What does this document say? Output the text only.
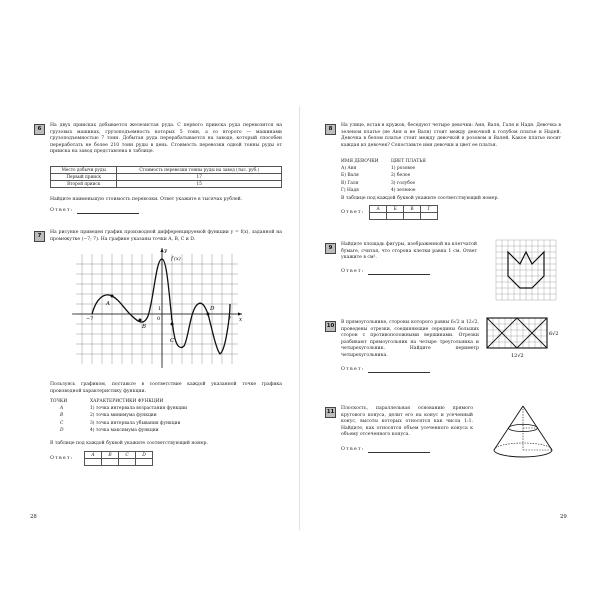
6
На двух приисках добывается железистая руда. С первого прииска руда перевозится на грузовых машинах, грузоподъемность которых 5 тонн, а со второго — машинами грузоподъемностью 7 тонн. Добытая руда перерабатывается на заводе, который способен переработать не более 210 тонн руды в день. Стоимость перевозки одной тонны руды от прииска на завод представлена в таблице.
Место добычи руды	Стоимость перевозки тонны руды на завод (тыс. руб.)
Первый прииск	17
Второй прииск	15
Найдите наименьшую стоимость перевозки. Ответ укажите в тысячах рублей.
Ответ:
7
На рисунке приведен график производной дифференцируемой функции y = f(x), заданной на промежутке (−7; 7). На графике указаны точки A, B, C и D.
y
f′(x)
x
0
−7	7
1
1
A
B
C
D
Пользуясь графиком, поставьте в соответствие каждой указанной точке графика производной характеристику функции.
ТОЧКИ
A
B
C
D
ХАРАКТЕРИСТИКИ ФУНКЦИИ
1) точка интервала возрастания функции
2) точка минимума функции
3) точка интервала убывания функции
4) точка максимума функции
В таблице под каждой буквой укажите соответствующий номер.
Ответ:
A	B	C	D

28
8
На улице, встав в кружок, беседуют четыре девочки: Аня, Валя, Галя и Надя. Девочка в зеленом платье (не Аня и не Валя) стоит между девочкой в голубом платье и Надей. Девочка в белом платье стоит между девочкой в розовом и Валей. Какое платье носит каждая из девочек? Сопоставьте имя девочки и цвет ее платья.
ИМЯ ДЕВОЧКИ
А) Аня
Б) Валя
В) Галя
Г) Надя
ЦВЕТ ПЛАТЬЯ
1) розовое
2) белое
3) голубое
4) зеленое
В таблице под каждой буквой укажите соответствующий номер.
Ответ:
А	Б	В	Г

9
Найдите площадь фигуры, изображенной на клетчатой бумаге, считая, что сторона клетки равна 1 см. Ответ укажите в см².
Ответ:
10
В прямоугольнике, стороны которого равны 6√2 и 12√2, проведены отрезки, соединяющие середины больших сторон с противоположными вершинами. Отрезки разбивают прямоугольник на четыре треугольника и четырехугольник. Найдите периметр четырехугольника.
Ответ:
6√2
12√2
11
Плоскость, параллельная основанию прямого кругового конуса, делит его на конус и усеченный конус, высоты которых относятся как числа 1:1. Найдите, как относятся объем усеченного конуса к объему отсеченного конуса.
Ответ:
29
